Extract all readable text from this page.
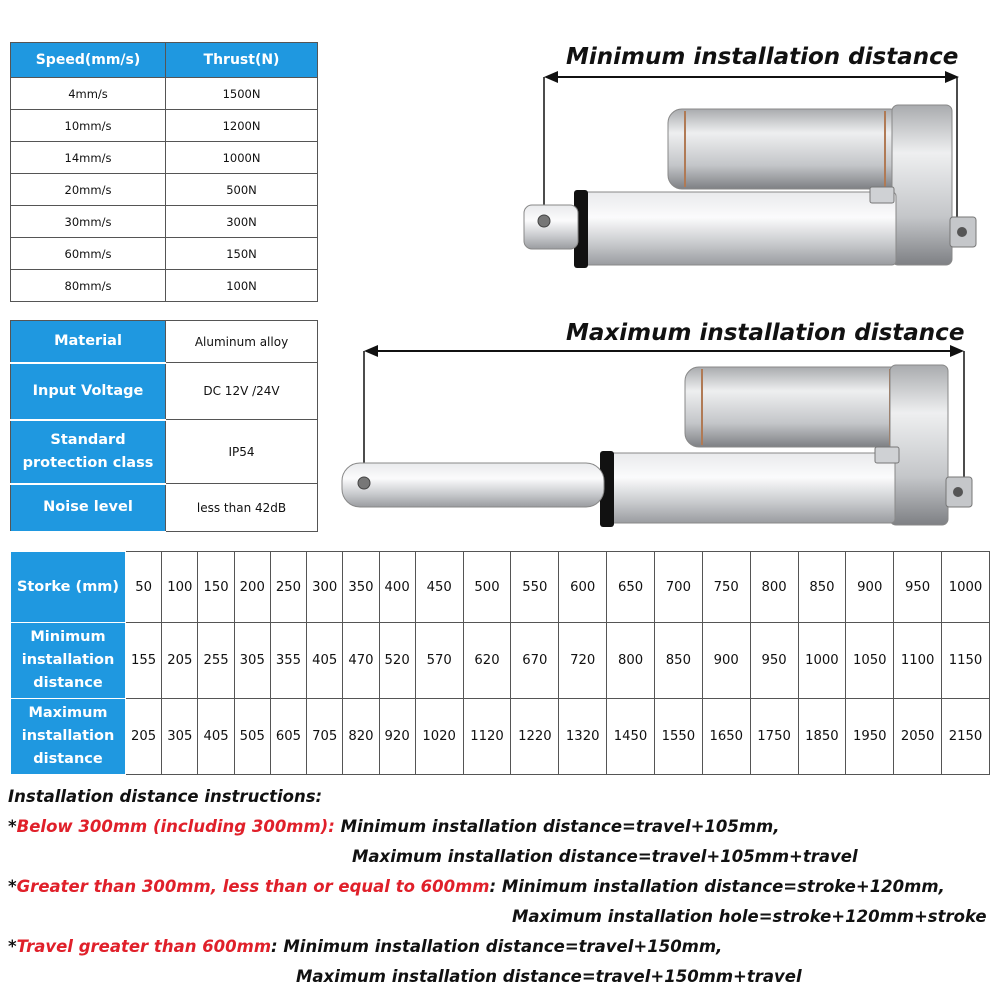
Speed(mm/s)	Thrust(N)
4mm/s	1500N
10mm/s	1200N
14mm/s	1000N
20mm/s	500N
30mm/s	300N
60mm/s	150N
80mm/s	100N
Material	Aluminum alloy
Input Voltage	DC 12V /24V
Standard protection class	IP54
Noise level	less than 42dB
Minimum installation distance
Maximum installation distance
Storke (mm)	50	100	150	200	250	300	350	400	450	500	550	600	650	700	750	800	850	900	950	1000
Minimum installation distance	155	205	255	305	355	405	470	520	570	620	670	720	800	850	900	950	1000	1050	1100	1150
Maximum installation distance	205	305	405	505	605	705	820	920	1020	1120	1220	1320	1450	1550	1650	1750	1850	1950	2050	2150
Installation distance instructions:
*Below 300mm (including 300mm): Minimum installation distance=travel+105mm,
Maximum installation distance=travel+105mm+travel
*Greater than 300mm, less than or equal to 600mm: Minimum installation distance=stroke+120mm,
Maximum installation hole=stroke+120mm+stroke
*Travel greater than 600mm: Minimum installation distance=travel+150mm,
Maximum installation distance=travel+150mm+travel
